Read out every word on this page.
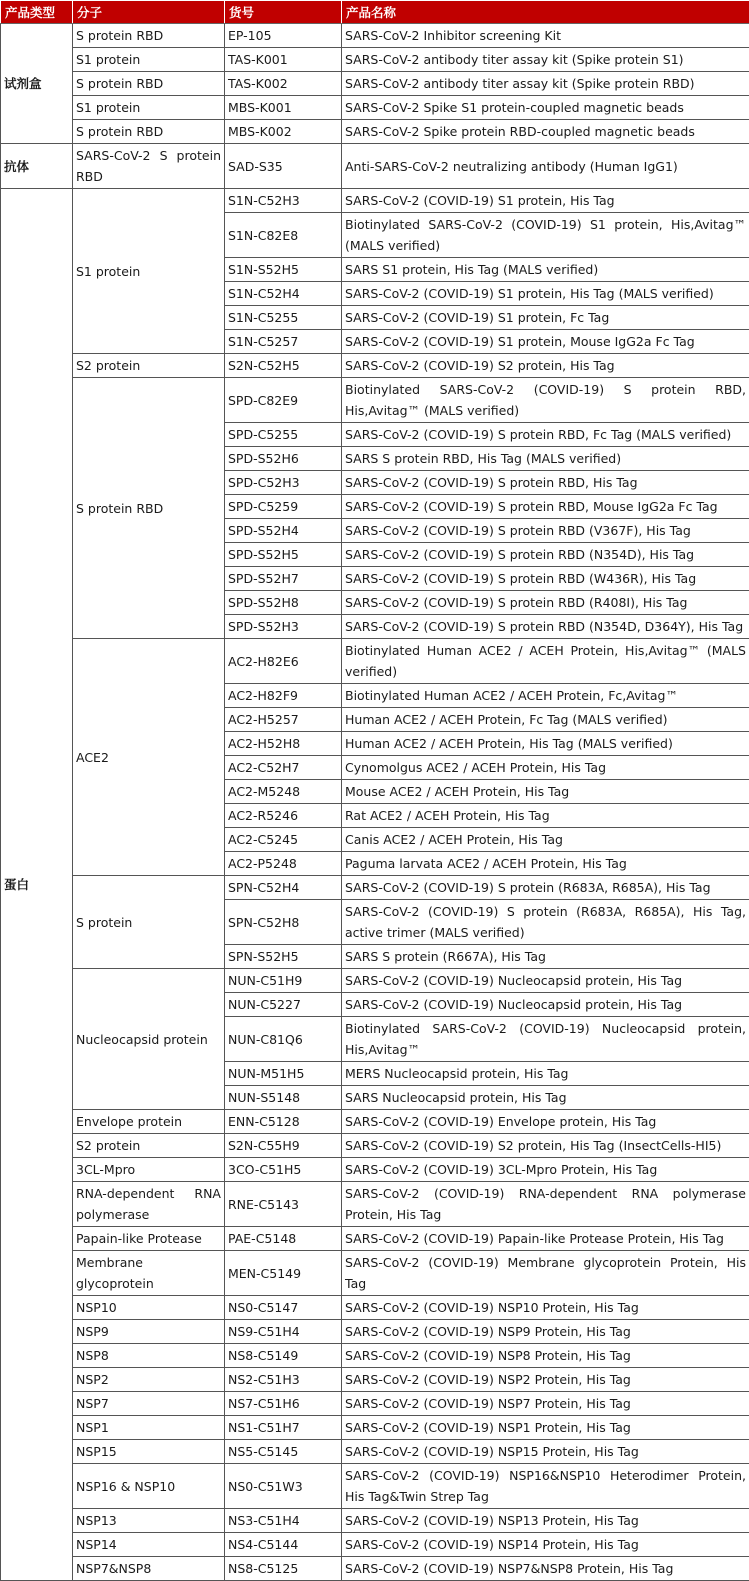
产品类型	分子	货号	产品名称
试剂盒	S protein RBD	EP-105	SARS-CoV-2 Inhibitor screening Kit
	S1 protein	TAS-K001	SARS-CoV-2 antibody titer assay kit (Spike protein S1)
	S protein RBD	TAS-K002	SARS-CoV-2 antibody titer assay kit (Spike protein RBD)
	S1 protein	MBS-K001	SARS-CoV-2 Spike S1 protein-coupled magnetic beads
	S protein RBD	MBS-K002	SARS-CoV-2 Spike protein RBD-coupled magnetic beads
抗体	SARS-CoV-2 S protein RBD	SAD-S35	Anti-SARS-CoV-2 neutralizing antibody (Human IgG1)
蛋白	S1 protein	S1N-C52H3	SARS-CoV-2 (COVID-19) S1 protein, His Tag
		S1N-C82E8	Biotinylated SARS-CoV-2 (COVID-19) S1 protein, His,Avitag™ (MALS verified)
		S1N-S52H5	SARS S1 protein, His Tag (MALS verified)
		S1N-C52H4	SARS-CoV-2 (COVID-19) S1 protein, His Tag (MALS verified)
		S1N-C5255	SARS-CoV-2 (COVID-19) S1 protein, Fc Tag
		S1N-C5257	SARS-CoV-2 (COVID-19) S1 protein, Mouse IgG2a Fc Tag
	S2 protein	S2N-C52H5	SARS-CoV-2 (COVID-19) S2 protein, His Tag
	S protein RBD	SPD-C82E9	Biotinylated SARS-CoV-2 (COVID-19) S protein RBD, His,Avitag™ (MALS verified)
		SPD-C5255	SARS-CoV-2 (COVID-19) S protein RBD, Fc Tag (MALS verified)
		SPD-S52H6	SARS S protein RBD, His Tag (MALS verified)
		SPD-C52H3	SARS-CoV-2 (COVID-19) S protein RBD, His Tag
		SPD-C5259	SARS-CoV-2 (COVID-19) S protein RBD, Mouse IgG2a Fc Tag
		SPD-S52H4	SARS-CoV-2 (COVID-19) S protein RBD (V367F), His Tag
		SPD-S52H5	SARS-CoV-2 (COVID-19) S protein RBD (N354D), His Tag
		SPD-S52H7	SARS-CoV-2 (COVID-19) S protein RBD (W436R), His Tag
		SPD-S52H8	SARS-CoV-2 (COVID-19) S protein RBD (R408I), His Tag
		SPD-S52H3	SARS-CoV-2 (COVID-19) S protein RBD (N354D, D364Y), His Tag
	ACE2	AC2-H82E6	Biotinylated Human ACE2 / ACEH Protein, His,Avitag™ (MALS verified)
		AC2-H82F9	Biotinylated Human ACE2 / ACEH Protein, Fc,Avitag™
		AC2-H5257	Human ACE2 / ACEH Protein, Fc Tag (MALS verified)
		AC2-H52H8	Human ACE2 / ACEH Protein, His Tag (MALS verified)
		AC2-C52H7	Cynomolgus ACE2 / ACEH Protein, His Tag
		AC2-M5248	Mouse ACE2 / ACEH Protein, His Tag
		AC2-R5246	Rat ACE2 / ACEH Protein, His Tag
		AC2-C5245	Canis ACE2 / ACEH Protein, His Tag
		AC2-P5248	Paguma larvata ACE2 / ACEH Protein, His Tag
	S protein	SPN-C52H4	SARS-CoV-2 (COVID-19) S protein (R683A, R685A), His Tag
		SPN-C52H8	SARS-CoV-2 (COVID-19) S protein (R683A, R685A), His Tag, active trimer (MALS verified)
		SPN-S52H5	SARS S protein (R667A), His Tag
	Nucleocapsid protein	NUN-C51H9	SARS-CoV-2 (COVID-19) Nucleocapsid protein, His Tag
		NUN-C5227	SARS-CoV-2 (COVID-19) Nucleocapsid protein, His Tag
		NUN-C81Q6	Biotinylated SARS-CoV-2 (COVID-19) Nucleocapsid protein, His,Avitag™
		NUN-M51H5	MERS Nucleocapsid protein, His Tag
		NUN-S5148	SARS Nucleocapsid protein, His Tag
	Envelope protein	ENN-C5128	SARS-CoV-2 (COVID-19) Envelope protein, His Tag
	S2 protein	S2N-C55H9	SARS-CoV-2 (COVID-19) S2 protein, His Tag (InsectCells-HI5)
	3CL-Mpro	3CO-C51H5	SARS-CoV-2 (COVID-19) 3CL-Mpro Protein, His Tag
	RNA-dependent RNA polymerase	RNE-C5143	SARS-CoV-2 (COVID-19) RNA-dependent RNA polymerase Protein, His Tag
	Papain-like Protease	PAE-C5148	SARS-CoV-2 (COVID-19) Papain-like Protease Protein, His Tag
	Membrane glycoprotein	MEN-C5149	SARS-CoV-2 (COVID-19) Membrane glycoprotein Protein, His Tag
	NSP10	NS0-C5147	SARS-CoV-2 (COVID-19) NSP10 Protein, His Tag
	NSP9	NS9-C51H4	SARS-CoV-2 (COVID-19) NSP9 Protein, His Tag
	NSP8	NS8-C5149	SARS-CoV-2 (COVID-19) NSP8 Protein, His Tag
	NSP2	NS2-C51H3	SARS-CoV-2 (COVID-19) NSP2 Protein, His Tag
	NSP7	NS7-C51H6	SARS-CoV-2 (COVID-19) NSP7 Protein, His Tag
	NSP1	NS1-C51H7	SARS-CoV-2 (COVID-19) NSP1 Protein, His Tag
	NSP15	NS5-C5145	SARS-CoV-2 (COVID-19) NSP15 Protein, His Tag
	NSP16 & NSP10	NS0-C51W3	SARS-CoV-2 (COVID-19) NSP16&NSP10 Heterodimer Protein, His Tag&Twin Strep Tag
	NSP13	NS3-C51H4	SARS-CoV-2 (COVID-19) NSP13 Protein, His Tag
	NSP14	NS4-C5144	SARS-CoV-2 (COVID-19) NSP14 Protein, His Tag
	NSP7&NSP8	NS8-C5125	SARS-CoV-2 (COVID-19) NSP7&NSP8 Protein, His Tag
